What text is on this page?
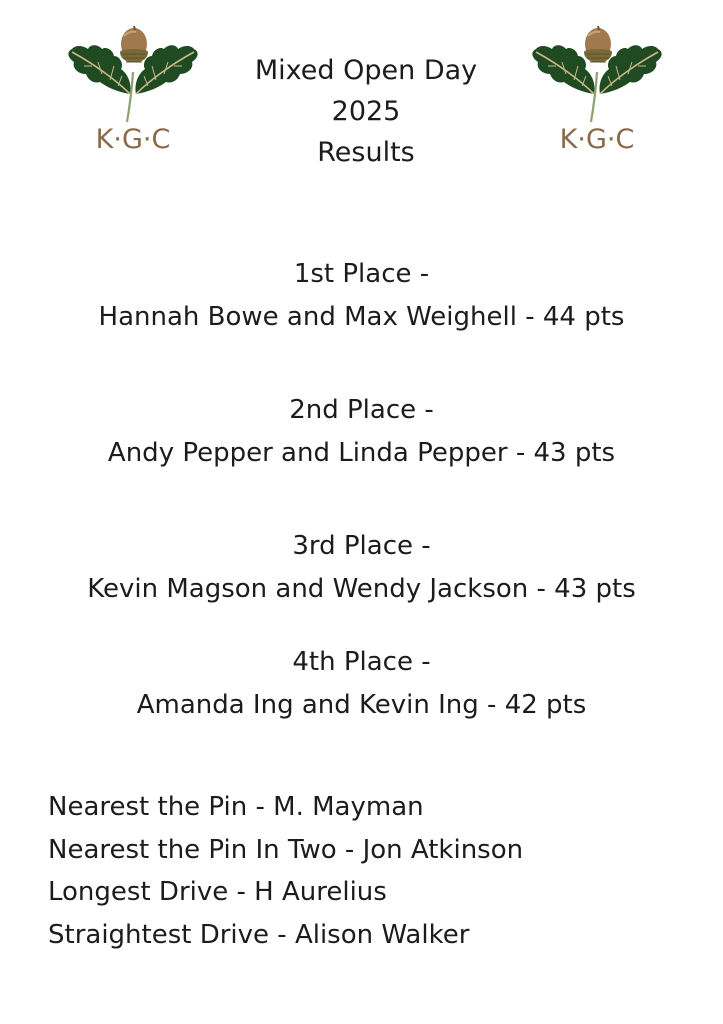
K·G·C	K·G·C
Mixed Open Day
2025
Results
1st Place -
Hannah Bowe and Max Weighell - 44 pts
2nd Place -
Andy Pepper and Linda Pepper - 43 pts
3rd Place -
Kevin Magson and Wendy Jackson - 43 pts
4th Place -
Amanda Ing and Kevin Ing - 42 pts
Nearest the Pin - M. Mayman
Nearest the Pin In Two - Jon Atkinson
Longest Drive - H Aurelius
Straightest Drive - Alison Walker
